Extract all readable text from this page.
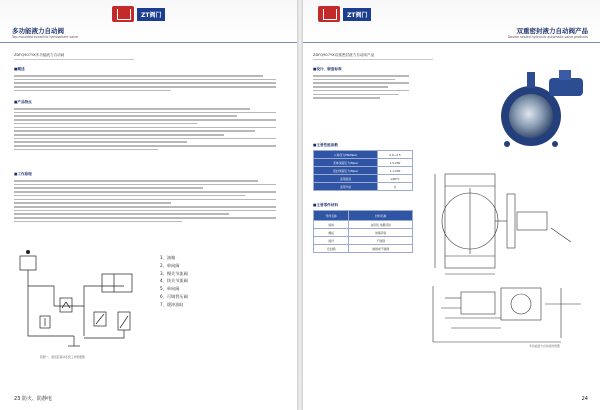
ZT阀门
多功能液力自动阀
Top-mounted eccentric hemisphere valve
ZDFQ907YX多功能液力自动阀
■概述
■产品特点
■工作原理
1、油箱
2、单向阀
3、慢关节流阀
4、快关节流阀
5、单向阀
6、可调背压阀
7、缓冲油缸
附图一、液压缸驱动系统工作原理图
23 防火、防静电
ZT阀门
双重密封液力自动阀产品
Double sealed hydraulic automatic valve products
ZDFQ907YX双重密封液力自动阀产品
■设计、制造标准
■主要性能参数
公称压力PN(Mpa)	0.6~2.5
壳体试验压力(Mpa)	1.5×PN
密封试验压力(Mpa)	1.1×PN
适用温度	≤80℃
适用介质	水
■主要零件材料
零件名称	材料名称
阀体	灰铸铁 球墨铸铁
蝶板	球墨铸铁
阀杆	不锈钢
密封圈	橡胶或不锈钢
多功能液力自动阀外形图
24
